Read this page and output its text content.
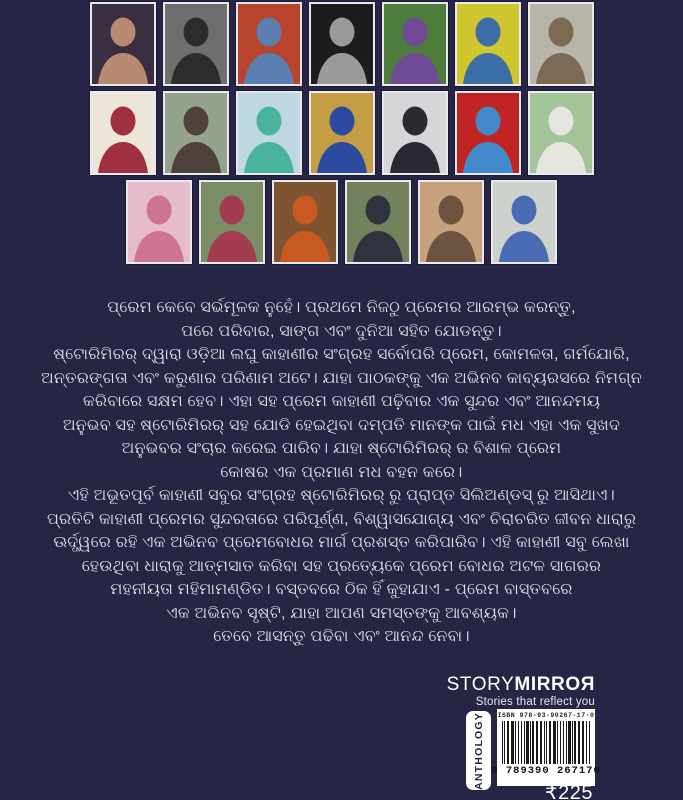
ପ୍ରେମ କେବେ ସର୍ଭମୂଳକ ନୁହେଁ। ପ୍ରଥମେ ନିଜଠୁ ପ୍ରେମର ଆରମ୍ଭ କରନ୍ତୁ,
ପରେ ପରିବାର, ସାଙ୍ଗ ଏବଂ ଦୁନିଆ ସହିତ ଯୋଡନ୍ତୁ।
ଷ୍ଟୋରିମିରର୍ ଦ୍ୱାରା ଓଡ଼ିଆ ଲଘୁ କାହାଣୀର ସଂଗ୍ରହ ସର୍ବୋପରି ପ୍ରେମ, କୋମଳତା, ଗର୍ମଯୋରି,
ଅନ୍ତରଙ୍ଗତା ଏବଂ କରୁଣାର ପରିଣାମ ଅଟେ। ଯାହା ପାଠକଙ୍କୁ ଏକ ଅଭିନବ କାବ୍ୟରସରେ ନିମଗ୍ନ
କରିବାରେ ସକ୍ଷମ ହେବ। ଏହା ସହ ପ୍ରେମ କାହାଣୀ ପଢ଼ିବାର ଏକ ସୁନ୍ଦର ଏବଂ ଆନନ୍ଦମୟ
ଅନୁଭବ ସହ ଷ୍ଟୋରିମିରର୍ ସହ ଯୋଡି ହେଇଥିବା ଦମ୍ପତି ମାନଙ୍କ ପାଇଁ ମଧ ଏହା ଏକ ସୁଖଦ
ଅନୁଭବର ସଂଚାର କରେଇ ପାରିବ। ଯାହା ଷ୍ଟୋରିମିରର୍ ର ବିଶାଳ ପ୍ରେମ
କୋଷର ଏକ ପ୍ରମାଣ ମଧ ବହନ କରେ।
ଏହି ଅଭୂତପୂର୍ବ କାହାଣୀ ସବୁର ସଂଗ୍ରହ ଷ୍ଟୋରିମିରର୍ ରୁ ପ୍ରାପ୍ତ ସିଲିଅଣ୍ଡସ୍ ରୁ ଆସିଥାଏ।
ପ୍ରତିଟି କାହାଣୀ ପ୍ରେମର ସୁନ୍ଦରତାରେ ପରିପୂର୍ଣ୍ଣ, ବିଶ୍ୱାସଯୋଗ୍ୟ ଏବଂ ଚିରାଚରିତ ଜୀବନ ଧାରାରୁ
ଊର୍ଦ୍ଧ୍ୱରେ ରହି ଏକ ଅଭିନବ ପ୍ରେମବୋଧର ମାର୍ଗ ପ୍ରଶସ୍ତ କରିପାରିବ। ଏହି କାହାଣୀ ସବୁ ଲେଖା
ହେଉଥିବା ଧାରାକୁ ଆତ୍ମସାତ କରିବା ସହ ପ୍ରତ୍ୟେକେ ପ୍ରେମ ବୋଧର ଅଟଳ ସାଗରର
ମହନୀୟତା ମହିମାମଣ୍ଡିତ। ବସ୍ତବରେ ଠିକ ହିଁ କୁହାଯାଏ - ପ୍ରେମ ବାସ୍ତବରେ
ଏକ ଅଭିନବ ସୃଷ୍ଟି, ଯାହା ଆପଣ ସମସ୍ତଙ୍କୁ ଆବଶ୍ୟକ।
ତେବେ ଆସନ୍ତୁ ପଢିବା ଏବଂ ଆନନ୍ଦ ନେବା।
STORYMIRROЯ
Stories that reflect you
ANTHOLOGY ISBN 978-93-90267-17-0
9 789390 267170
₹225
